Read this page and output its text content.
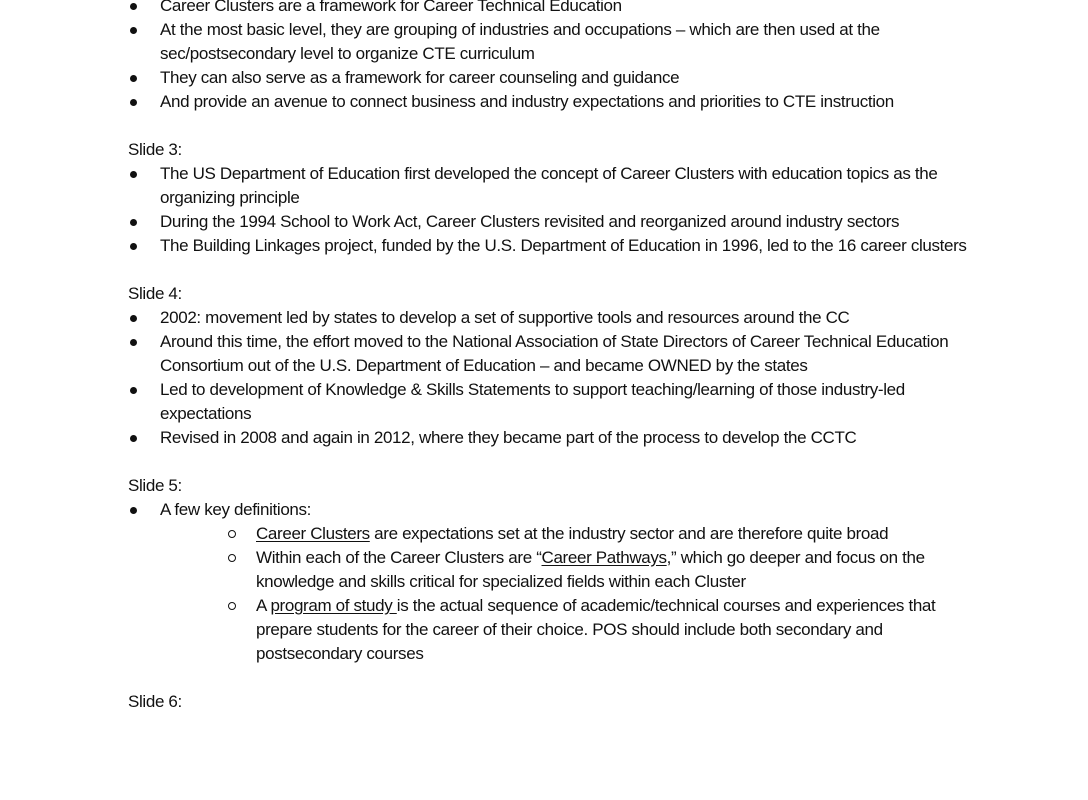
Career Clusters are a framework for Career Technical Education
At the most basic level, they are grouping of industries and occupations – which are then used at the sec/postsecondary level to organize CTE curriculum
They can also serve as a framework for career counseling and guidance
And provide an avenue to connect business and industry expectations and priorities to CTE instruction

Slide 3:

The US Department of Education first developed the concept of Career Clusters with education topics as the organizing principle
During the 1994 School to Work Act, Career Clusters revisited and reorganized around industry sectors
The Building Linkages project, funded by the U.S. Department of Education in 1996, led to the 16 career clusters

Slide 4:

2002: movement led by states to develop a set of supportive tools and resources around the CC
Around this time, the effort moved to the National Association of State Directors of Career Technical Education Consortium out of the U.S. Department of Education – and became OWNED by the states
Led to development of Knowledge & Skills Statements to support teaching/learning of those industry-led expectations
Revised in 2008 and again in 2012, where they became part of the process to develop the CCTC

Slide 5:

A few key definitions:
Career Clusters are expectations set at the industry sector and are therefore quite broad
Within each of the Career Clusters are “Career Pathways,” which go deeper and focus on the knowledge and skills critical for specialized fields within each Cluster
A program of study is the actual sequence of academic/technical courses and experiences that prepare students for the career of their choice. POS should include both secondary and postsecondary courses

Slide 6:
